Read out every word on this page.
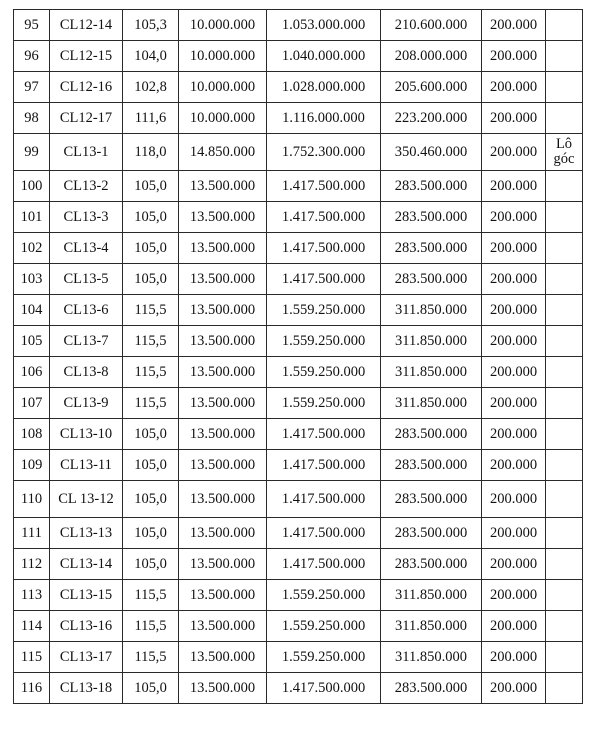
95	CL12-14	105,3	10.000.000	1.053.000.000	210.600.000	200.000	
96	CL12-15	104,0	10.000.000	1.040.000.000	208.000.000	200.000	
97	CL12-16	102,8	10.000.000	1.028.000.000	205.600.000	200.000	
98	CL12-17	111,6	10.000.000	1.116.000.000	223.200.000	200.000	
99	CL13-1	118,0	14.850.000	1.752.300.000	350.460.000	200.000	Lô góc
100	CL13-2	105,0	13.500.000	1.417.500.000	283.500.000	200.000	
101	CL13-3	105,0	13.500.000	1.417.500.000	283.500.000	200.000	
102	CL13-4	105,0	13.500.000	1.417.500.000	283.500.000	200.000	
103	CL13-5	105,0	13.500.000	1.417.500.000	283.500.000	200.000	
104	CL13-6	115,5	13.500.000	1.559.250.000	311.850.000	200.000	
105	CL13-7	115,5	13.500.000	1.559.250.000	311.850.000	200.000	
106	CL13-8	115,5	13.500.000	1.559.250.000	311.850.000	200.000	
107	CL13-9	115,5	13.500.000	1.559.250.000	311.850.000	200.000	
108	CL13-10	105,0	13.500.000	1.417.500.000	283.500.000	200.000	
109	CL13-11	105,0	13.500.000	1.417.500.000	283.500.000	200.000	
110	CL 13-12	105,0	13.500.000	1.417.500.000	283.500.000	200.000	
111	CL13-13	105,0	13.500.000	1.417.500.000	283.500.000	200.000	
112	CL13-14	105,0	13.500.000	1.417.500.000	283.500.000	200.000	
113	CL13-15	115,5	13.500.000	1.559.250.000	311.850.000	200.000	
114	CL13-16	115,5	13.500.000	1.559.250.000	311.850.000	200.000	
115	CL13-17	115,5	13.500.000	1.559.250.000	311.850.000	200.000	
116	CL13-18	105,0	13.500.000	1.417.500.000	283.500.000	200.000	
